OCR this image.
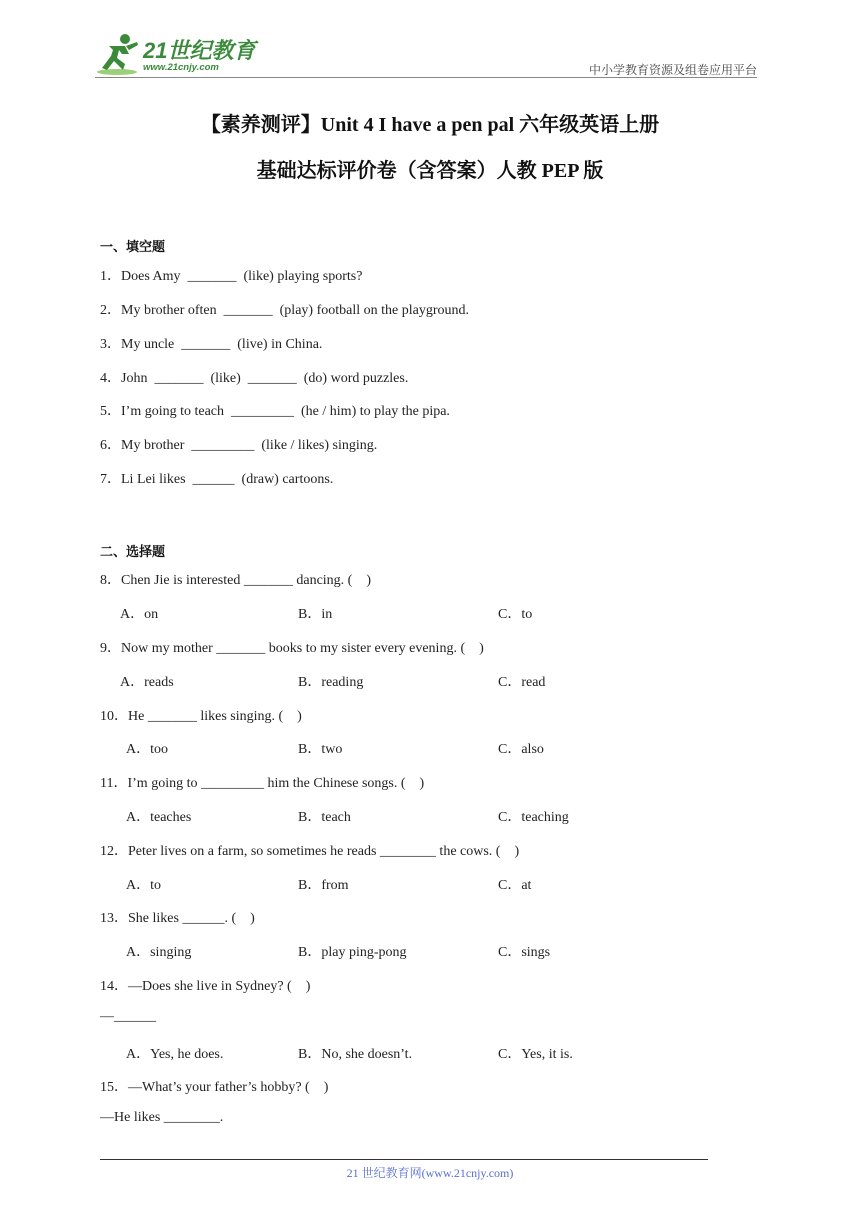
21世纪教育
www.21cnjy.com	中小学教育资源及组卷应用平台
【素养测评】Unit 4 I have a pen pal 六年级英语上册
基础达标评价卷（含答案）人教 PEP 版
一、填空题
1．Does Amy  _______  (like) playing sports?
2．My brother often  _______  (play) football on the playground.
3．My uncle  _______  (live) in China.
4．John  _______  (like)  _______  (do) word puzzles.
5．I’m going to teach  _________  (he / him) to play the pipa.
6．My brother  _________  (like / likes) singing.
7．Li Lei likes  ______  (draw) cartoons.
二、选择题
8．Chen Jie is interested _______ dancing. (    )
A．on	B．in	C．to
9．Now my mother _______ books to my sister every evening. (    )
A．reads	B．reading	C．read
10．He _______ likes singing. (    )
A．too	B．two	C．also
11．I’m going to _________ him the Chinese songs. (    )
A．teaches	B．teach	C．teaching
12．Peter lives on a farm, so sometimes he reads ________ the cows. (    )
A．to	B．from	C．at
13．She likes ______. (    )
A．singing	B．play ping-pong	C．sings
14．—Does she live in Sydney? (    )
—______
A．Yes, he does.	B．No, she doesn’t.	C．Yes, it is.
15．—What’s your father’s hobby? (    )
—He likes ________.
21 世纪教育网(www.21cnjy.com)
